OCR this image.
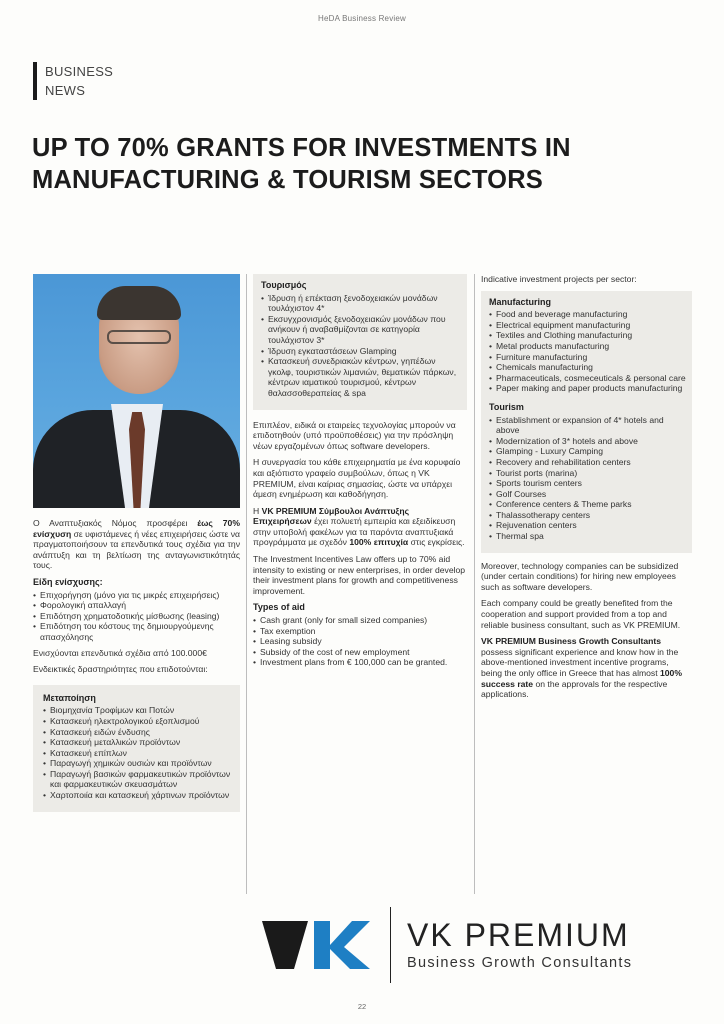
HeDA Business Review
BUSINESS
NEWS
UP TO 70% GRANTS FOR INVESTMENTS IN MANUFACTURING & TOURISM SECTORS

Ο Αναπτυξιακός Νόμος προσφέρει έως 70% ενίσχυση σε υφιστάμενες ή νέες επιχειρήσεις ώστε να πραγματοποιήσουν τα επενδυτικά τους σχέδια για την ανάπτυξη και τη βελτίωση της ανταγωνιστικότητάς τους.

Είδη ενίσχυσης:
• Επιχορήγηση (μόνο για τις μικρές επιχειρήσεις)
• Φορολογική απαλλαγή
• Επιδότηση χρηματοδοτικής μίσθωσης (leasing)
• Επιδότηση του κόστους της δημιουργούμενης απασχόλησης

Ενισχύονται επενδυτικά σχέδια από 100.000€

Ενδεικτικές δραστηριότητες που επιδοτούνται:

Μεταποίηση
• Βιομηχανία Τροφίμων και Ποτών
• Κατασκευή ηλεκτρολογικού εξοπλισμού
• Κατασκευή ειδών ένδυσης
• Κατασκευή μεταλλικών προϊόντων
• Κατασκευή επίπλων
• Παραγωγή χημικών ουσιών και προϊόντων
• Παραγωγή βασικών φαρμακευτικών προϊόντων και φαρμακευτικών σκευασμάτων
• Χαρτοποιία και κατασκευή χάρτινων προϊόντων
Τουρισμός
• Ίδρυση ή επέκταση ξενοδοχειακών μονάδων τουλάχιστον 4*
• Εκσυγχρονισμός ξενοδοχειακών μονάδων που ανήκουν ή αναβαθμίζονται σε κατηγορία τουλάχιστον 3*
• Ίδρυση εγκαταστάσεων Glamping
• Κατασκευή συνεδριακών κέντρων, γηπέδων γκολφ, τουριστικών λιμανιών, θεματικών πάρκων, κέντρων ιαματικού τουρισμού, κέντρων θαλασσοθεραπείας & spa

Επιπλέον, ειδικά οι εταιρείες τεχνολογίας μπορούν να επιδοτηθούν (υπό προϋποθέσεις) για την πρόσληψη νέων εργαζομένων όπως software developers.

Η συνεργασία του κάθε επιχειρηματία με ένα κορυφαίο και αξιόπιστο γραφείο συμβούλων, όπως η VK PREMIUM, είναι καίριας σημασίας, ώστε να υπάρχει άμεση ενημέρωση και καθοδήγηση.

Η VK PREMIUM Σύμβουλοι Ανάπτυξης Επιχειρήσεων έχει πολυετή εμπειρία και εξειδίκευση στην υποβολή φακέλων για τα παρόντα αναπτυξιακά προγράμματα με σχεδόν 100% επιτυχία στις εγκρίσεις.

The Investment Incentives Law offers up to 70% aid intensity to existing or new enterprises, in order develop their investment plans for growth and competitiveness improvement.

Types of aid
• Cash grant (only for small sized companies)
• Tax exemption
• Leasing subsidy
• Subsidy of the cost of new employment
• Investment plans from € 100,000 can be granted.

Indicative investment projects per sector:

Manufacturing
• Food and beverage manufacturing
• Electrical equipment manufacturing
• Textiles and Clothing manufacturing
• Metal products manufacturing
• Furniture manufacturing
• Chemicals manufacturing
• Pharmaceuticals, cosmeceuticals & personal care
• Paper making and paper products manufacturing
Tourism
• Establishment or expansion of 4* hotels and above
• Modernization of 3* hotels and above
• Glamping - Luxury Camping
• Recovery and rehabilitation centers
• Tourist ports (marina)
• Sports tourism centers
• Golf Courses
• Conference centers & Theme parks
• Thalassotherapy centers
• Rejuvenation centers
• Thermal spa

Moreover, technology companies can be subsidized (under certain conditions) for hiring new employees such as software developers.

Each company could be greatly benefited from the cooperation and support provided from a top and reliable business consultant, such as VK PREMIUM.

VK PREMIUM Business Growth Consultants possess significant experience and know how in the above-mentioned investment incentive programs, being the only office in Greece that has almost 100% success rate on the approvals for the respective applications.

VK PREMIUM
Business Growth Consultants
22
